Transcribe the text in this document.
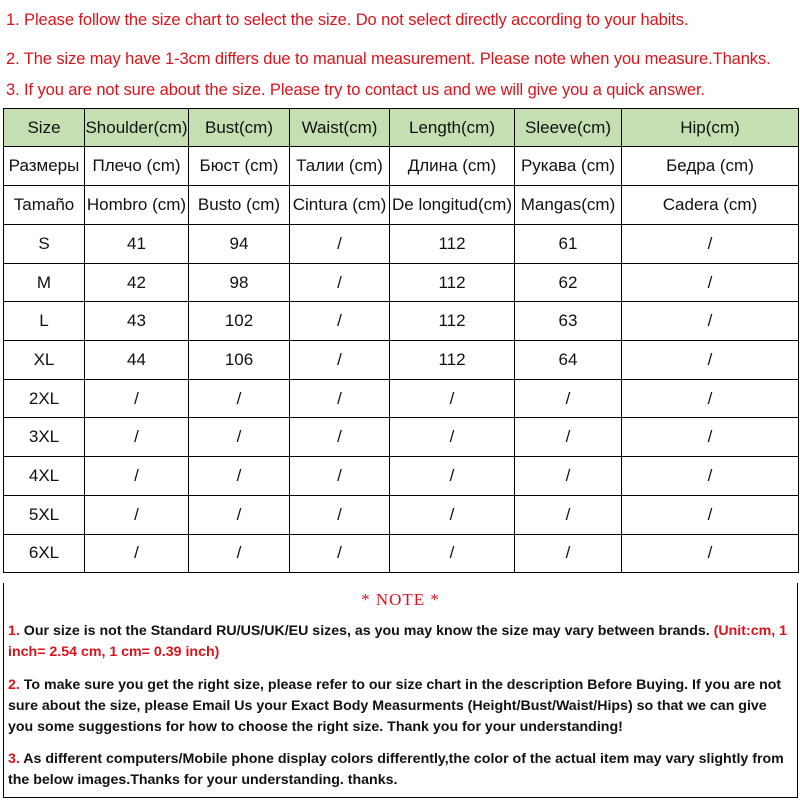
1. Please follow the size chart to select the size. Do not select directly according to your habits.
2. The size may have 1-3cm differs due to manual measurement. Please note when you measure.Thanks.
3. If you are not sure about the size. Please try to contact us and we will give you a quick answer.
Size	Shoulder(cm)	Bust(cm)	Waist(cm)	Length(cm)	Sleeve(cm)	Hip(cm)
Размеры	Плечо (cm)	Бюст (cm)	Талии (cm)	Длина (cm)	Рукава (cm)	Бедра (cm)
Tamaño	Hombro (cm)	Busto (cm)	Cintura (cm)	De longitud(cm)	Mangas(cm)	Cadera (cm)
S	41	94	/	112	61	/
M	42	98	/	112	62	/
L	43	102	/	112	63	/
XL	44	106	/	112	64	/
2XL	/	/	/	/	/	/
3XL	/	/	/	/	/	/
4XL	/	/	/	/	/	/
5XL	/	/	/	/	/	/
6XL	/	/	/	/	/	/
* NOTE *
1. Our size is not the Standard RU/US/UK/EU sizes, as you may know the size may vary between brands. (Unit:cm, 1 inch= 2.54 cm, 1 cm= 0.39 inch)
2. To make sure you get the right size, please refer to our size chart in the description Before Buying. If you are not sure about the size, please Email Us your Exact Body Measurments (Height/Bust/Waist/Hips) so that we can give you some suggestions for how to choose the right size. Thank you for your understanding!
3. As different computers/Mobile phone display colors differently,the color of the actual item may vary slightly from the below images.Thanks for your understanding. thanks.
